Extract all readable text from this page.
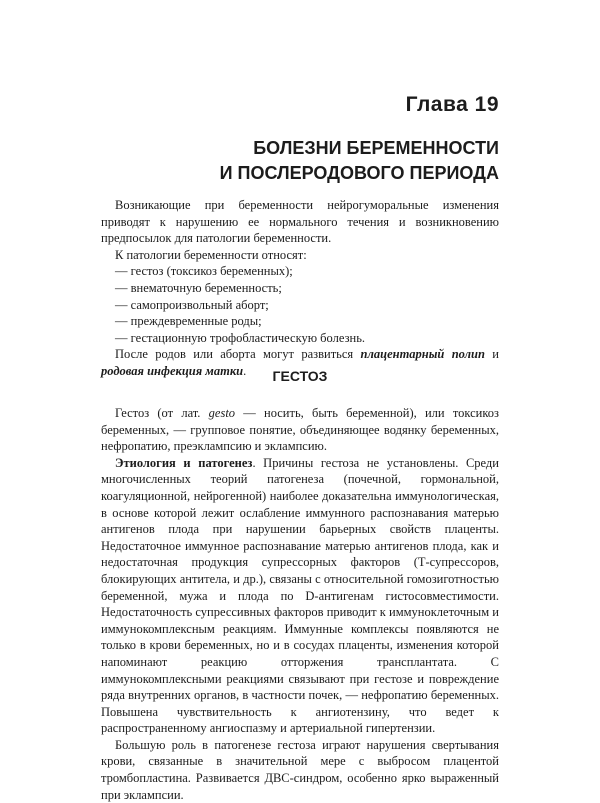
Глава 19
БОЛЕЗНИ БЕРЕМЕННОСТИ
И ПОСЛЕРОДОВОГО ПЕРИОДА

Возникающие при беременности нейрогуморальные изменения приводят к нарушению ее нормального течения и возникновению предпосылок для патологии беременности.

К патологии беременности относят:

— гестоз (токсикоз беременных);
— внематочную беременность;
— самопроизвольный аборт;
— преждевременные роды;
— гестационную трофобластическую болезнь.

После родов или аборта могут развиться плацентарный полип и родовая инфекция матки.	ГЕСТОЗ

Гестоз (от лат. gesto — носить, быть беременной), или токсикоз беременных, — групповое понятие, объединяющее водянку беременных, нефропатию, преэклампсию и эклампсию.

Этиология и патогенез. Причины гестоза не установлены. Среди многочисленных теорий патогенеза (почечной, гормональной, коагуляционной, нейрогенной) наиболее доказательна иммунологическая, в основе которой лежит ослабление иммунного распознавания матерью антигенов плода при нарушении барьерных свойств плаценты. Недостаточное иммунное распознавание матерью антигенов плода, как и недостаточная продукция супрессорных факторов (Т-супрессоров, блокирующих антитела, и др.), связаны с относительной гомозиготностью беременной, мужа и плода по D-антигенам гистосовместимости. Недостаточность супрессивных факторов приводит к иммуноклеточным и иммунокомплексным реакциям. Иммунные комплексы появляются не только в крови беременных, но и в сосудах плаценты, изменения которой напоминают реакцию отторжения трансплантата. С иммунокомплексными реакциями связывают при гестозе и повреждение ряда внутренних органов, в частности почек, — нефропатию беременных. Повышена чувствительность к ангиотензину, что ведет к распространенному ангиоспазму и артериальной гипертензии.

Большую роль в патогенезе гестоза играют нарушения свертывания крови, связанные в значительной мере с выбросом плацентой тромбопластина. Развивается ДВС-синдром, особенно ярко выраженный при эклампсии.
